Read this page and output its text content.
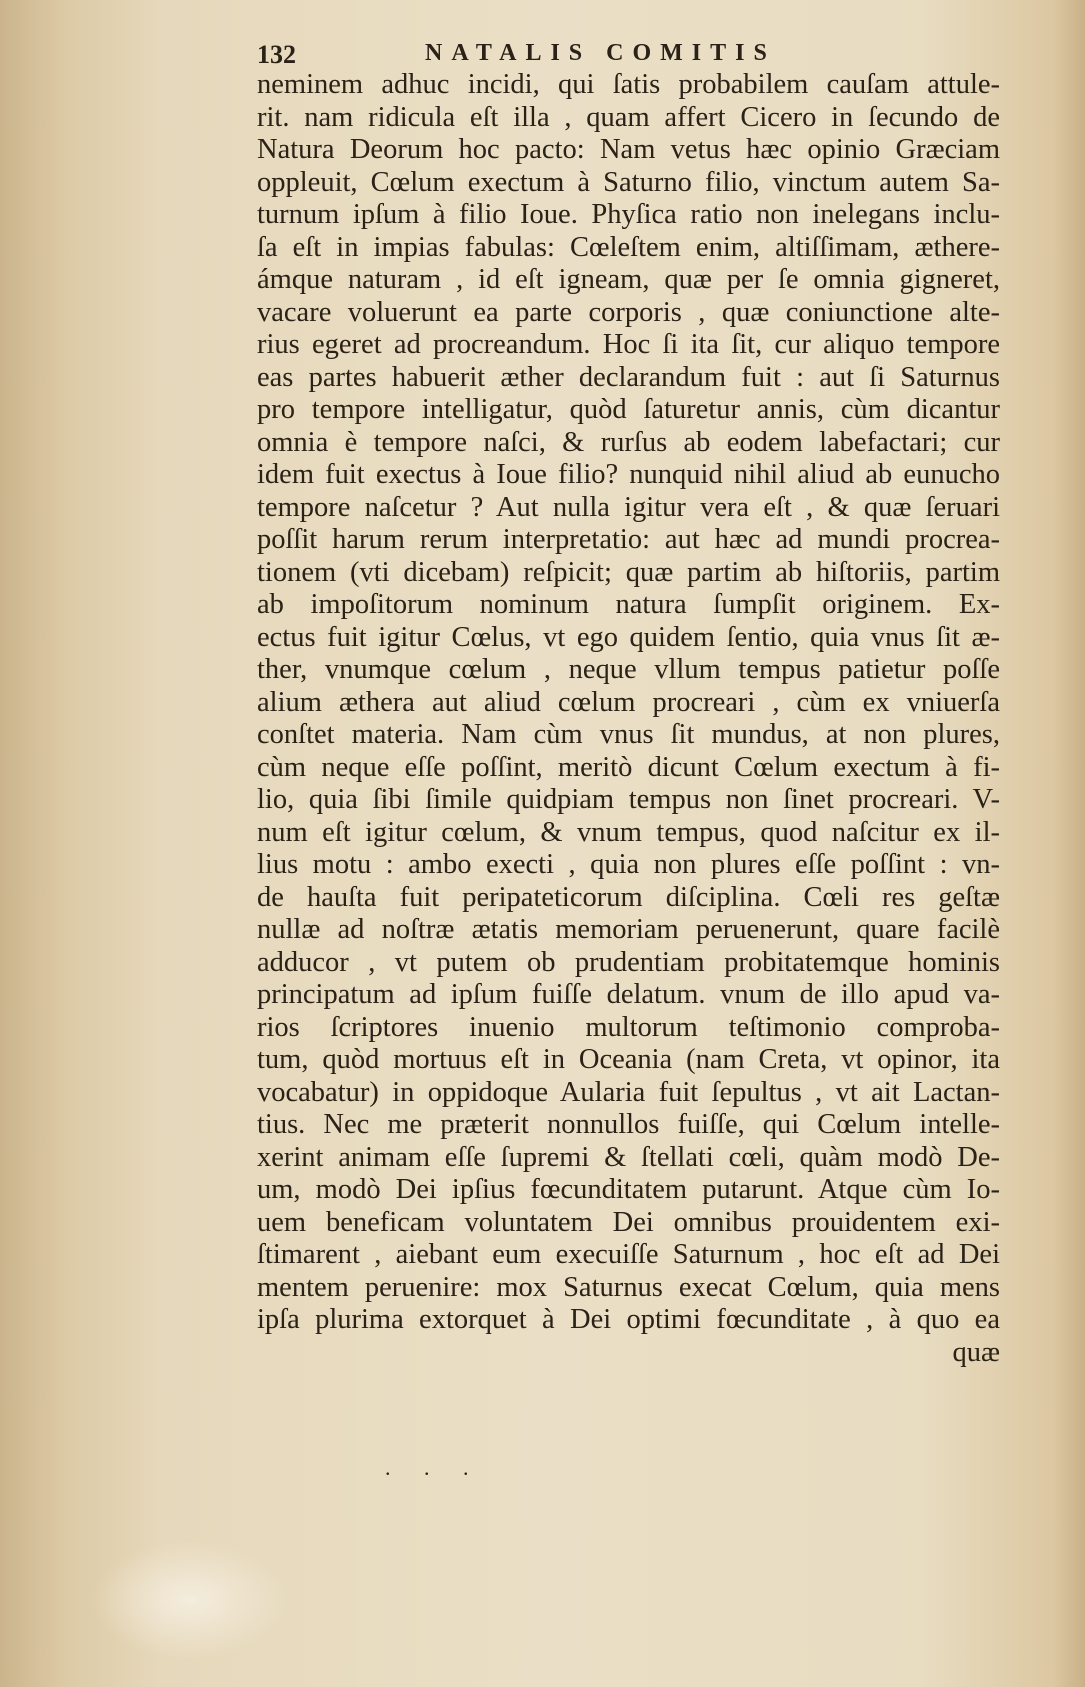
132	NATALIS COMITIS
neminem adhuc incidi, qui ſatis probabilem cauſam attule-
rit. nam ridicula eſt illa , quam affert Cicero in ſecundo de
Natura Deorum hoc pacto: Nam vetus hæc opinio Græciam
oppleuit, Cœlum exectum à Saturno filio, vinctum autem Sa-
turnum ipſum à filio Ioue. Phyſica ratio non inelegans inclu-
ſa eſt in impias fabulas: Cœleſtem enim, altiſſimam, æthere-
ámque naturam , id eſt igneam, quæ per ſe omnia gigneret,
vacare voluerunt ea parte corporis , quæ coniunctione alte-
rius egeret ad procreandum. Hoc ſi ita ſit, cur aliquo tempore
eas partes habuerit æther declarandum fuit : aut ſi Saturnus
pro tempore intelligatur, quòd ſaturetur annis, cùm dicantur
omnia è tempore naſci, & rurſus ab eodem labefactari; cur
idem fuit exectus à Ioue filio? nunquid nihil aliud ab eunucho
tempore naſcetur ? Aut nulla igitur vera eſt , & quæ ſeruari
poſſit harum rerum interpretatio: aut hæc ad mundi procrea-
tionem (vti dicebam) reſpicit; quæ partim ab hiſtoriis, partim
ab impoſitorum nominum natura ſumpſit originem. Ex-
ectus fuit igitur Cœlus, vt ego quidem ſentio, quia vnus ſit æ-
ther, vnumque cœlum , neque vllum tempus patietur poſſe
alium æthera aut aliud cœlum procreari , cùm ex vniuerſa
conſtet materia. Nam cùm vnus ſit mundus, at non plures,
cùm neque eſſe poſſint, meritò dicunt Cœlum exectum à fi-
lio, quia ſibi ſimile quidpiam tempus non ſinet procreari. V-
num eſt igitur cœlum, & vnum tempus, quod naſcitur ex il-
lius motu : ambo execti , quia non plures eſſe poſſint : vn-
de hauſta fuit peripateticorum diſciplina. Cœli res geſtæ
nullæ ad noſtræ ætatis memoriam peruenerunt, quare facilè
adducor , vt putem ob prudentiam probitatemque hominis
principatum ad ipſum fuiſſe delatum. vnum de illo apud va-
rios ſcriptores inuenio multorum teſtimonio comproba-
tum, quòd mortuus eſt in Oceania (nam Creta, vt opinor, ita
vocabatur) in oppidoque Aularia fuit ſepultus , vt ait Lactan-
tius. Nec me præterit nonnullos fuiſſe, qui Cœlum intelle-
xerint animam eſſe ſupremi & ſtellati cœli, quàm modò De-
um, modò Dei ipſius fœcunditatem putarunt. Atque cùm Io-
uem beneficam voluntatem Dei omnibus prouidentem exi-
ſtimarent , aiebant eum execuiſſe Saturnum , hoc eſt ad Dei
mentem peruenire: mox Saturnus execat Cœlum, quia mens
ipſa plurima extorquet à Dei optimi fœcunditate , à quo ea
quæ
. . .
